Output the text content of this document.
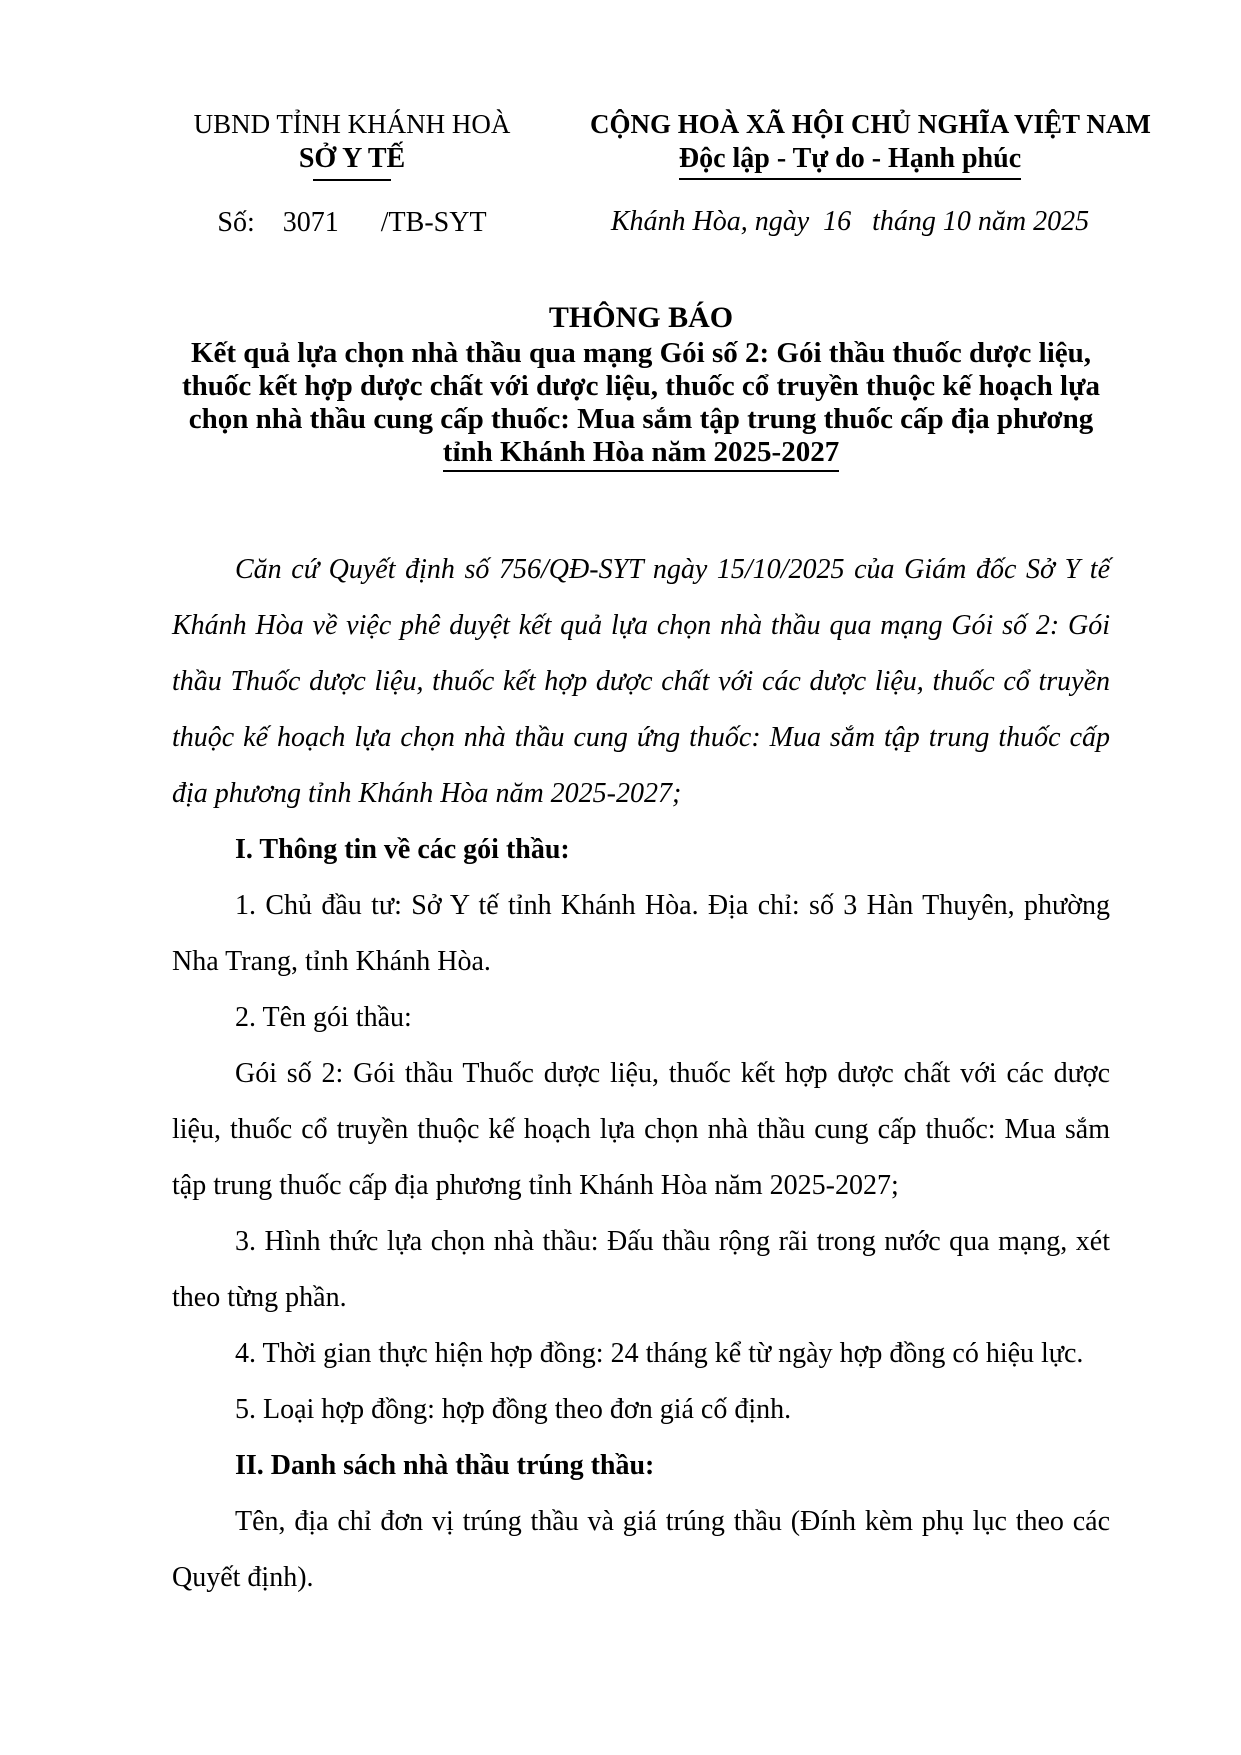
UBND TỈNH KHÁNH HOÀ
SỞ Y TẾ
Số:    3071      /TB-SYT
CỘNG HOÀ XÃ HỘI CHỦ NGHĨA VIỆT NAM
Độc lập - Tự do - Hạnh phúc
Khánh Hòa, ngày  16   tháng 10 năm 2025
THÔNG BÁO
Kết quả lựa chọn nhà thầu qua mạng Gói số 2: Gói thầu thuốc dược liệu,
thuốc kết hợp dược chất với dược liệu, thuốc cổ truyền thuộc kế hoạch lựa
chọn nhà thầu cung cấp thuốc: Mua sắm tập trung thuốc cấp địa phương
tỉnh Khánh Hòa năm 2025-2027

Căn cứ Quyết định số 756/QĐ-SYT ngày 15/10/2025 của Giám đốc Sở Y tế Khánh Hòa về việc phê duyệt kết quả lựa chọn nhà thầu qua mạng Gói số 2: Gói thầu Thuốc dược liệu, thuốc kết hợp dược chất với các dược liệu, thuốc cổ truyền thuộc kế hoạch lựa chọn nhà thầu cung ứng thuốc: Mua sắm tập trung thuốc cấp địa phương tỉnh Khánh Hòa năm 2025-2027;

I. Thông tin về các gói thầu:

1. Chủ đầu tư: Sở Y tế tỉnh Khánh Hòa. Địa chỉ: số 3 Hàn Thuyên, phường Nha Trang, tỉnh Khánh Hòa.

2. Tên gói thầu:

Gói số 2: Gói thầu Thuốc dược liệu, thuốc kết hợp dược chất với các dược liệu, thuốc cổ truyền thuộc kế hoạch lựa chọn nhà thầu cung cấp thuốc: Mua sắm tập trung thuốc cấp địa phương tỉnh Khánh Hòa năm 2025-2027;

3. Hình thức lựa chọn nhà thầu: Đấu thầu rộng rãi trong nước qua mạng, xét theo từng phần.

4. Thời gian thực hiện hợp đồng: 24 tháng kể từ ngày hợp đồng có hiệu lực.

5. Loại hợp đồng: hợp đồng theo đơn giá cố định.

II. Danh sách nhà thầu trúng thầu:

Tên, địa chỉ đơn vị trúng thầu và giá trúng thầu (Đính kèm phụ lục theo các Quyết định).
